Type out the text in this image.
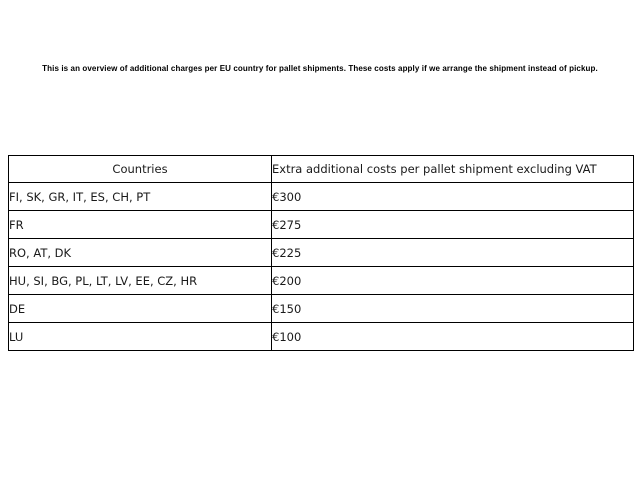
This is an overview of additional charges per EU country for pallet shipments. These costs apply if we arrange the shipment instead of pickup.

Countries	Extra additional costs per pallet shipment excluding VAT
FI, SK, GR, IT, ES, CH, PT	€300
FR	€275
RO, AT, DK	€225
HU, SI, BG, PL, LT, LV, EE, CZ, HR	€200
DE	€150
LU	€100
